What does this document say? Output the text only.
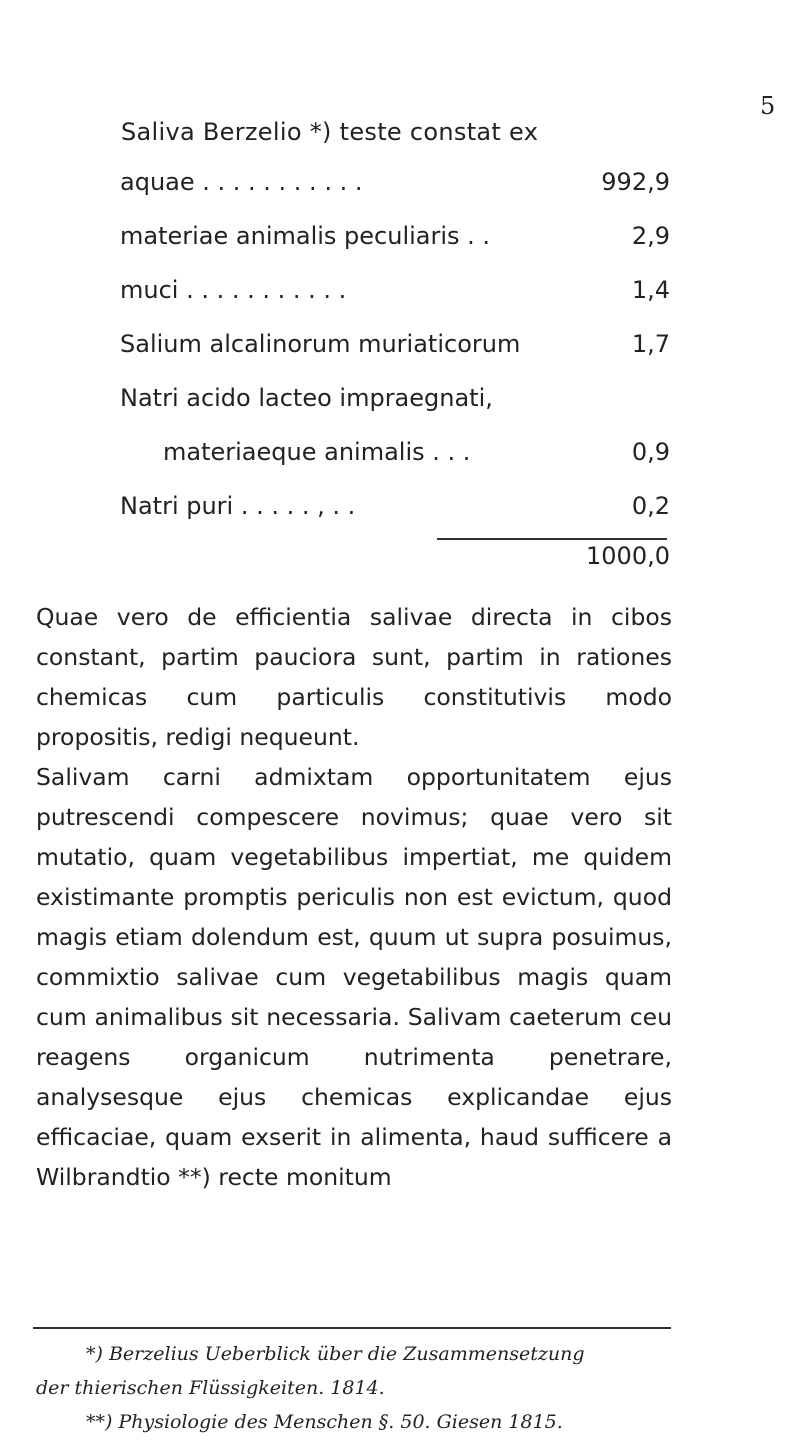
5
Saliva Berzelio *) teste constat ex
aquae . . . . . . . . . . .	992,9
materiae animalis peculiaris . .	2,9
muci . . . . . . . . . . .	1,4
Salium alcalinorum muriaticorum	1,7
Natri acido lacteo impraegnati,
materiaeque animalis . . .	0,9
Natri puri . . . . . , . .	0,2
1000,0

Quae vero de efficientia salivae directa in cibos constant, partim pauciora sunt, partim in rationes chemicas cum particulis constitutivis modo propositis, redigi nequeunt.

Salivam carni admixtam opportunitatem ejus putrescendi compescere novimus; quae vero sit mutatio, quam vegetabilibus impertiat, me quidem existimante promptis periculis non est evictum, quod magis etiam dolendum est, quum ut supra posuimus, commixtio salivae cum vegetabilibus magis quam cum animalibus sit necessaria. Salivam caeterum ceu reagens organicum nutrimenta penetrare, analysesque ejus chemicas explicandae ejus efficaciae, quam exserit in alimenta, haud sufficere a Wilbrandtio **) recte monitum

*) Berzelius Ueberblick über die Zusammensetzung

der thierischen Flüssigkeiten. 1814.

**) Physiologie des Menschen §. 50. Giesen 1815.
